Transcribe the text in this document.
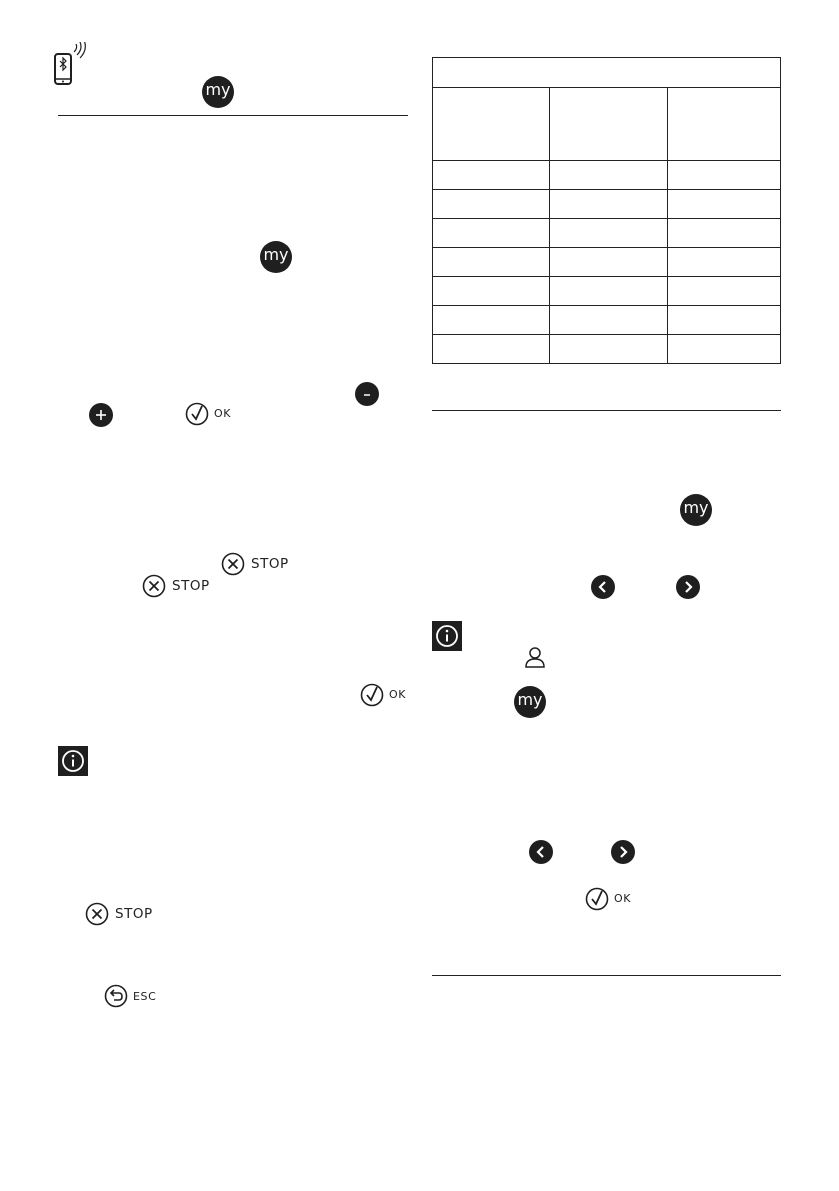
my
my
OK
STOP
STOP
OK
STOP
ESC

my
my
OK
